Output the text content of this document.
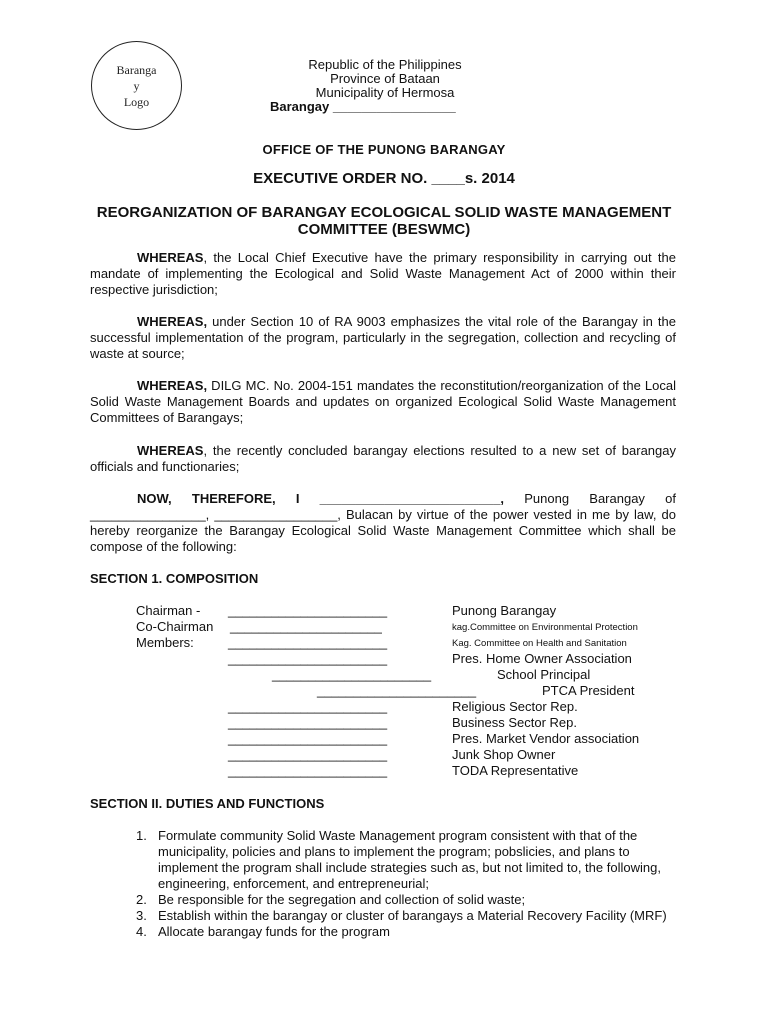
Baranga
y
Logo
Republic of the Philippines
Province of Bataan
Municipality of Hermosa
Barangay _________________
OFFICE OF THE PUNONG BARANGAY
EXECUTIVE ORDER NO. ____s. 2014
REORGANIZATION OF BARANGAY ECOLOGICAL SOLID WASTE MANAGEMENT COMMITTEE (BESWMC)

WHEREAS, the Local Chief Executive have the primary responsibility in carrying out the mandate of implementing the Ecological and Solid Waste Management Act of 2000 within their respective jurisdiction;

WHEREAS, under Section 10 of RA 9003 emphasizes the vital role of the Barangay in the successful implementation of the program, particularly in the segregation, collection and recycling of waste at source;

WHEREAS, DILG MC. No. 2004-151 mandates the reconstitution/reorganization of the Local Solid Waste Management Boards and updates on organized Ecological Solid Waste Management Committees of Barangays;

WHEREAS, the recently concluded barangay elections resulted to a new set of barangay officials and functionaries;

NOW, THEREFORE, I _________________________, Punong Barangay of ________________, _________________, Bulacan by virtue of the power vested in me by law, do hereby reorganize the Barangay Ecological Solid Waste Management Committee which shall be compose of the following:

SECTION 1. COMPOSITION
Chairman - ______________________	Punong Barangay
Co-Chairman _____________________	kag.Committee on Environmental Protection
Members:	______________________	Kag. Committee on Health and Sanitation
______________________	Pres. Home Owner Association
______________________	School Principal
______________________	PTCA President
______________________	Religious Sector Rep.
______________________	Business Sector Rep.
______________________	Pres. Market Vendor association
______________________	Junk Shop Owner
______________________	TODA Representative
SECTION II. DUTIES AND FUNCTIONS
1. Formulate community Solid Waste Management program consistent with that of the municipality, policies and plans to implement the program; pobslicies, and plans to implement the program shall include strategies such as, but not limited to, the following, engineering, enforcement, and entrepreneurial;
2. Be responsible for the segregation and collection of solid waste;
3. Establish within the barangay or cluster of barangays a Material Recovery Facility (MRF)
4. Allocate barangay funds for the program
